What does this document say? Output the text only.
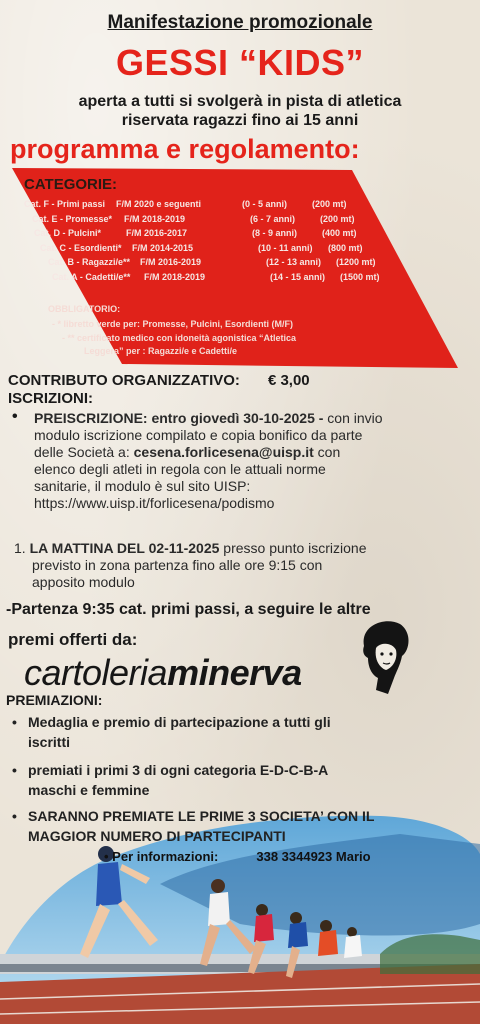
Manifestazione promozionale
GESSI “KIDS”
aperta a tutti si svolgerà in pista di atletica
riservata ragazzi fino ai 15 anni
programma e regolamento:
CATEGORIE:
Cat. F - Primi passi F/M 2020 e seguenti	(0 - 5 anni)	(200 mt)
Cat. E - Promesse* F/M 2018-2019	(6 - 7 anni)	(200 mt)
Cat. D - Pulcini*	F/M 2016-2017	(8 - 9 anni)	(400 mt)
Cat. C - Esordienti* F/M 2014-2015	(10 - 11 anni) (800 mt)
Cat. B - Ragazzi/e** F/M 2016-2019	(12 - 13 anni) (1200 mt)
Cat. A - Cadetti/e** F/M 2018-2019	(14 - 15 anni) (1500 mt)
OBBLIGATORIO:
- * libretto verde per: Promesse, Pulcini, Esordienti (M/F)
- ** certificato medico con idoneità agonistica “Atletica
Leggera” per : Ragazzi/e e Cadetti/e
CONTRIBUTO ORGANIZZATIVO: € 3,00
ISCRIZIONI:
• PREISCRIZIONE: entro giovedì 30-10-2025 - con invio
modulo iscrizione compilato e copia bonifico da parte
delle Società a: cesena.forlicesena@uisp.it con
elenco degli atleti in regola con le attuali norme
sanitarie, il modulo è sul sito UISP:
https://www.uisp.it/forlicesena/podismo
1. LA MATTINA DEL 02-11-2025 presso punto iscrizione
previsto in zona partenza fino alle ore 9:15 con
apposito modulo
-Partenza 9:35 cat. primi passi, a seguire le altre
premi offerti da:
cartoleriaminerva
PREMIAZIONI:
• Medaglia e premio di partecipazione a tutti gli
iscritti
• premiati i primi 3 di ogni categoria E-D-C-B-A
maschi e femmine
• SARANNO PREMIATE LE PRIME 3 SOCIETA’ CON IL
MAGGIOR NUMERO DI PARTECIPANTI
• Per informazioni:	338 3344923 Mario
